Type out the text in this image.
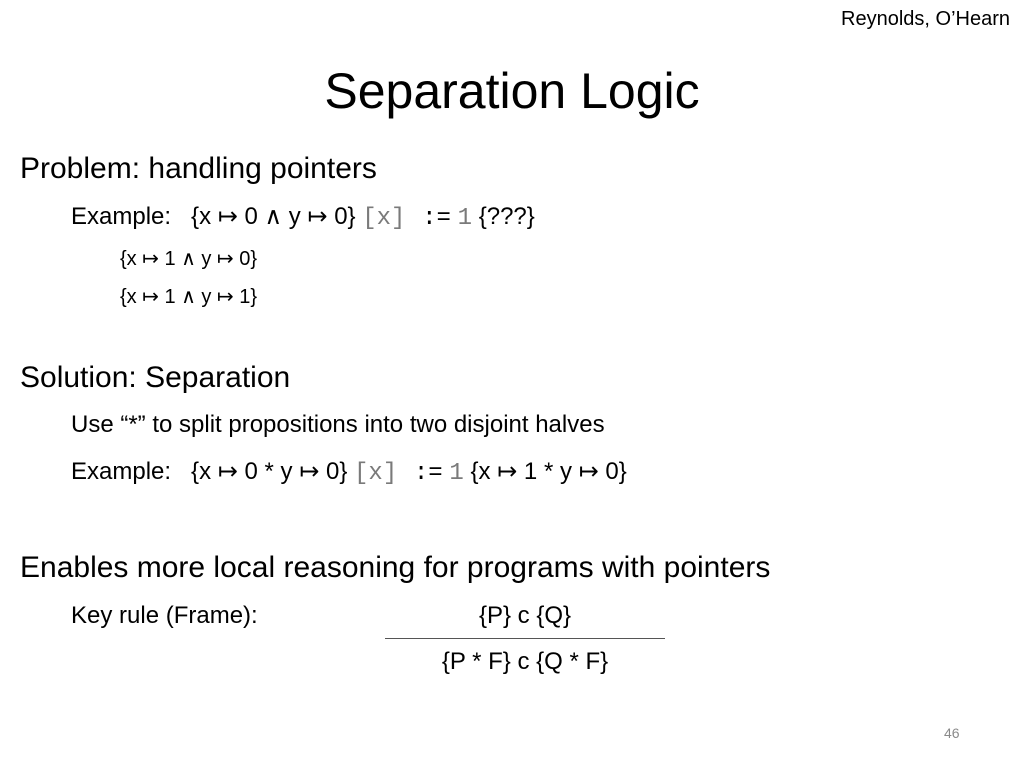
Reynolds, O’Hearn
Separation Logic
Problem: handling pointers
Example: {x ↦ 0 ∧ y ↦ 0} [x] := 1 {???}
{x ↦ 1 ∧ y ↦ 0}
{x ↦ 1 ∧ y ↦ 1}
Solution: Separation
Use “*” to split propositions into two disjoint halves
Example: {x ↦ 0 * y ↦ 0} [x] := 1 {x ↦ 1 * y ↦ 0}
Enables more local reasoning for programs with pointers
Key rule (Frame):	{P} c {Q}
{P * F} c {Q * F}
46
